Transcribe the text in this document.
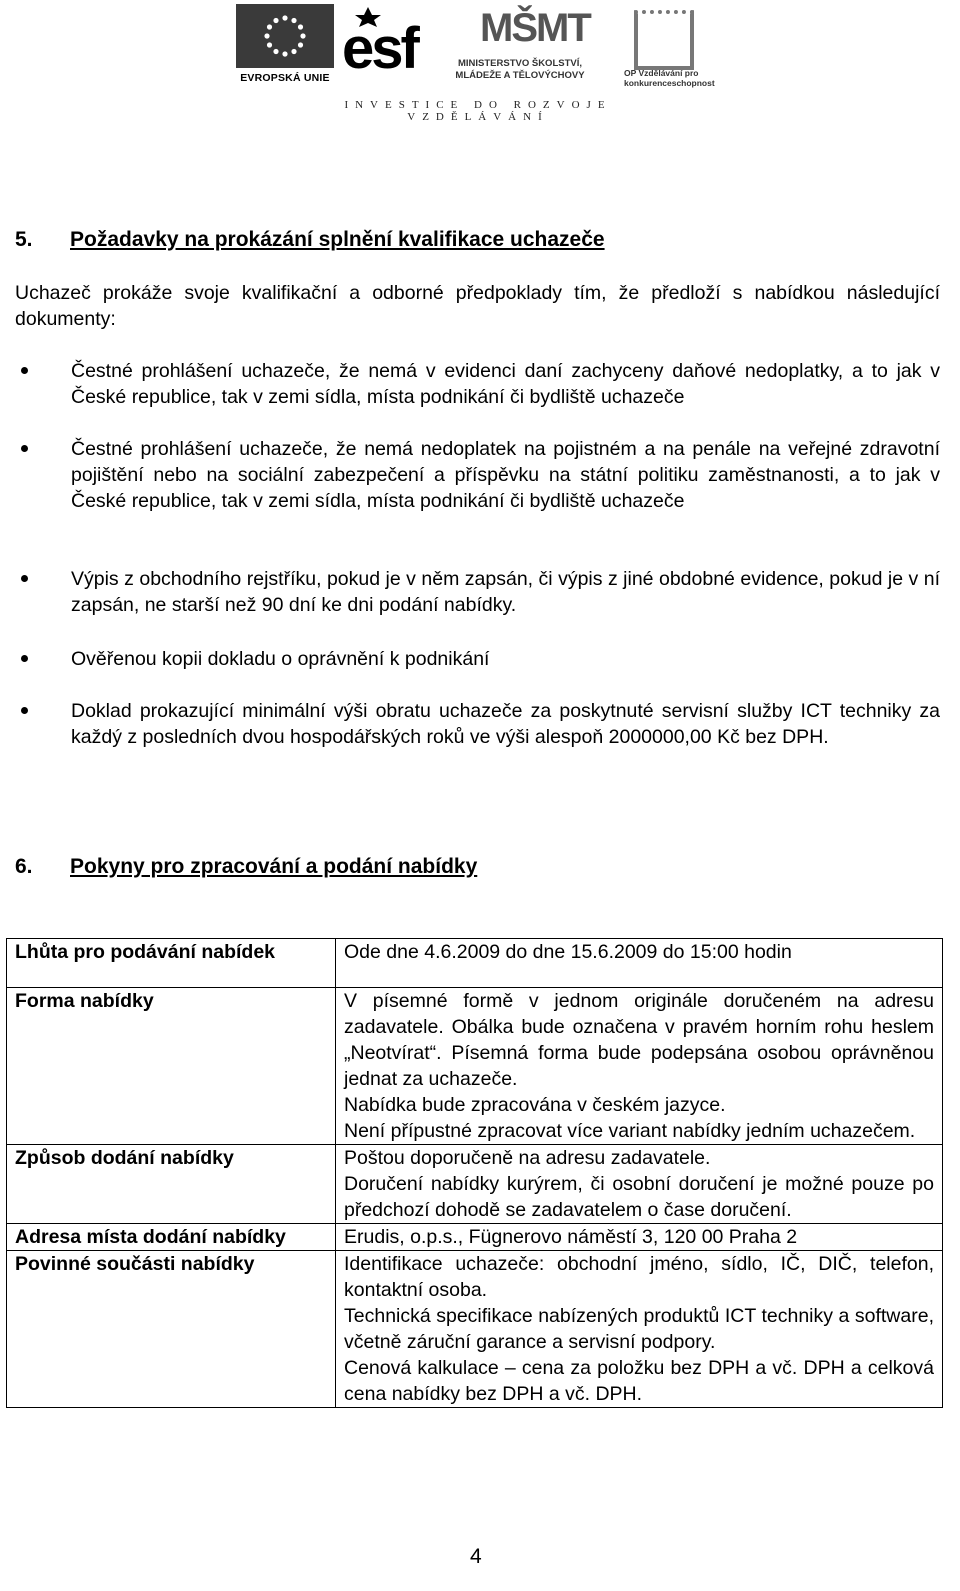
EVROPSKÁ UNIE esf MŠMT
MINISTERSTVO ŠKOLSTVÍ, MLÁDEŽE A TĚLOVÝCHOVY	OP Vzdělávání pro konkurenceschopnost
INVESTICE DO ROZVOJE VZDĚLÁVÁNÍ
5. Požadavky na prokázání splnění kvalifikace uchazeče
Uchazeč prokáže svoje kvalifikační a odborné předpoklady tím, že předloží s nabídkou následující dokumenty:
Čestné prohlášení uchazeče, že nemá v evidenci daní zachyceny daňové nedoplatky, a to jak v České republice, tak v zemi sídla, místa podnikání či bydliště uchazeče
Čestné prohlášení uchazeče, že nemá nedoplatek na pojistném a na penále na veřejné zdravotní pojištění nebo na sociální zabezpečení a příspěvku na státní politiku zaměstnanosti, a to jak v České republice, tak v zemi sídla, místa podnikání či bydliště uchazeče
Výpis z obchodního rejstříku, pokud je v něm zapsán, či výpis z jiné obdobné evidence, pokud je v ní zapsán, ne starší než 90 dní ke dni podání nabídky.
Ověřenou kopii dokladu o oprávnění k podnikání
Doklad prokazující minimální výši obratu uchazeče za poskytnuté servisní služby ICT techniky za každý z posledních dvou hospodářských roků ve výši alespoň 2000000,00 Kč bez DPH.
6. Pokyny pro zpracování a podání nabídky
Lhůta pro podávání nabídek	Ode dne 4.6.2009 do dne 15.6.2009 do 15:00 hodin

Forma nabídky	V písemné formě v jednom originále doručeném na adresu zadavatele. Obálka bude označena v pravém horním rohu heslem „Neotvírat“. Písemná forma bude podepsána osobou oprávněnou jednat za uchazeče.
Nabídka bude zpracována v českém jazyce.
Není přípustné zpracovat více variant nabídky jedním uchazečem.

Způsob dodání nabídky	Poštou doporučeně na adresu zadavatele.
Doručení nabídky kurýrem, či osobní doručení je možné pouze po předchozí dohodě se zadavatelem o čase doručení.

Adresa místa dodání nabídky	Erudis, o.p.s., Fügnerovo náměstí 3, 120 00 Praha 2

Povinné součásti nabídky	Identifikace uchazeče: obchodní jméno, sídlo, IČ, DIČ, telefon, kontaktní osoba.
Technická specifikace nabízených produktů ICT techniky a software, včetně záruční garance a servisní podpory.
Cenová kalkulace – cena za položku bez DPH a vč. DPH a celková cena nabídky bez DPH a vč. DPH.
4
